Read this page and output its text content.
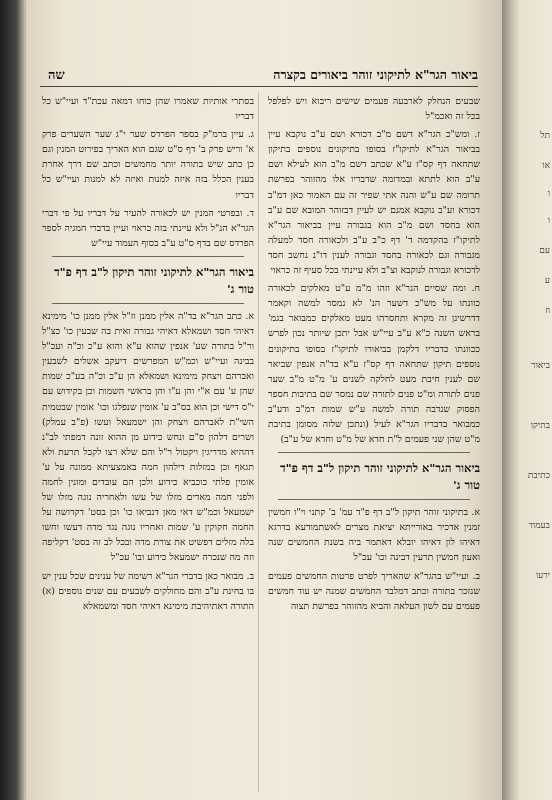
ביאור הגר"א לתיקוני זוהר ביאורים בקצרה
שה

שבעים הנחלק לארבעה פעמים שישים ריבוא ויש לפלפל בכל זה ואכמ"ל

ז. ומש"כ הגר"א דשם מ"ב דכורא ושם ע"ב נוקבא עיין בביאור הגר"א לתיקו"ז בסופו בתיקונים נוספים בתיקון שתחאה דף קס"ז ע"א שכתב דשם מ"ב הוא לעילא ושם ע"ב הוא לתתא ובמדומה שדבריו אלו מהזוהר בפרשת תרומה שם ע"ש והנה אתי שפיר זה עם האמור כאן דמ"ב דכורא וע"ב נוקבא אמנם יש לעיין דבזוהר המובא שם ע"ב הוא בחסד ושם מ"ב הוא בגבורה עיין בביאור הגר"א לתיקו"ז בהקדמה ד' דף כ"ב ע"ב ולכאורה חסד למעלה מגבורה וגם לכאורה בחסד וגבורה לענין דו"נ נחשב חסד לדכורא וגבורה לנוקבא וצ"ב ולא עיינתי בכל סעיף זה כראוי

ח. ומה שסיים הגר"א וזהו מ"מ ע"ט מאלקים לכאורה כוונתו על מש"כ דשער הנ' לא נמסר למשה וקאמר דדרשינן זה מקרא ותחסרהו מעט מאלקים כמבואר בגמ' בראש השנה כ"א ע"ב עיי"ש אבל יתכן שיותר נכון לפרש ככוונתו כדבריו דלקמן בביאורו לתיקו"ז בסופו בתיקונים נוספים תיקון שתחאה דף קס"ז ע"א בד"ה אנפין שביאר שם לענין חיבת מעט לחלקה לשנים ע' מ"ט מ"ב שער פנים לתורה ומ"ט פנים לתורה שם נמסר שם בתיבות חספר הפסוק שנדבה תורה למשה ע"ש שמות דמ"ב ודע"ב כמבואר בדבריו הגר"א לעיל (ונתכן שלזה מסומן בתיבת מ"ט שהן שני פעמים ל"ת חדא של מ"ט וחדא של ע"ב)

ביאור הגר"א לתיקוני זוהר תיקון ל"ב דף פ"ד טור ג'

א. בתיקוני זוהר תיקון ל"ב דף פ"ד עמ' ב' קתני וי"ו חמשין זמנין אדכיר באורייתא יציאת מצרים לאשתמודעא בדרגא דאיהו לון דאיהו יובלא דאתמר ביה בשנת החמשים שנה ואעון חמשין תרעין דבינה וכו' עכ"ל

ב. ועיי"ש בהגר"א שהאריך לפרט פרטות החמשים פעמים שנזכר בתורה וכתב דמלבד החמשים שמנה יש עוד חמשים פעמים עם לשון העלאה והביא מהזוהר בפרשת תצוה

בסתרי אותיות שאמרו שהן כוחו דמאה עכת"ד ועיי"ש כל דבריו

ג. עיין ברמ"ק בספר הפרדס שער י"ג שער השערים פרק א' וריש פרק ב' דף ס"ט שגם הוא האריך בפירוט המנין וגם כן כתב שיש בתורה יותר מחמשים וכתב שם דרך אחרת בענין הכלל בזה איזה למנות ואיזה לא למנות ועיי"ש כל דבריו

ד. ובפרטי המנין יש לכאורה להעיר על דבריו על פי דברי הגר"א הנ"ל ולא עיינתי בזה כראוי ועיין בדברי המגיה לספר הפרדס שם בדף ס"ט ע"ב בסוף העמוד עיי"ש

ביאור הגר"א לתיקוני זוהר תיקון ל"ב דף פ"ד טור ג'

א. כתב הגר"א בד"ה אלין ממנן וז"ל אלין ממנן כו' מימינא דאיהי חסד ושמאלא דאיהי גבורה ואית בה שבעין כו' כצ"ל ור"ל בתורה שע' אנפין שהוא ע"א והוא ע"כ וכ"ה ועכ"ל בבינה ועיי"ש וכמ"ש המפרשים דיעקב אשלים לשבעין ואברהם ויצחק מימינא ושמאלא הן ע"כ וכ"ה בע"כ שמות שהן ע' עם א"י והן ע"ו והן בראשי השמות וכן בקידוש עם י"ס דישי וכן הוא בס"ב ע' אומין שנפלגו וכו' אומין שבטמית השי"ת לאברהם ויצחק והן ישמעאל ועשו (פ"ב עמלק) ושרים דלהון ס"ם ונחש כידוע מן ההוא זונה דמפתי לב"נ דההיא מדריגין ויקטול ר"ל והם שלא רצו לקבל תרעת ולא תגאף וכן במזלות דילהון חמה באמצעיתא ממונה על ע' אומין פלתי כוכביא כידוע ולכן הם עובדים ומונין לחמה ולפני חמה מאדים מזלו של עשו ולאחריה נוגה מזלו של ישמעאל וכמ"ש דאי מאן דנביאו כו' וכן בסט' דקדושה על החמה חקוקין ע' שמות ואחריו נוגה נגד מדה דעשו וחשו בלה מזלים דפשיט את צורת מדה ובכל לב זה בסט' דקליפה וזה מה שנכרה ישמעאל כידוע ובו' עכ"ל

ב. מבואר כאן בדברי הגר"א רשימה של ענינים שכל ענין יש בו בחינת ע"ב והם מחולקים לשבעים עם שנים נוספים (א) התורה דאתיהיבת מימינא דאיהי חסד ומשמאלא

תל
או
ו
ו
עם
ע
וז
ביאור
בתיקו
כתיבת
בעמוד
ירעו
